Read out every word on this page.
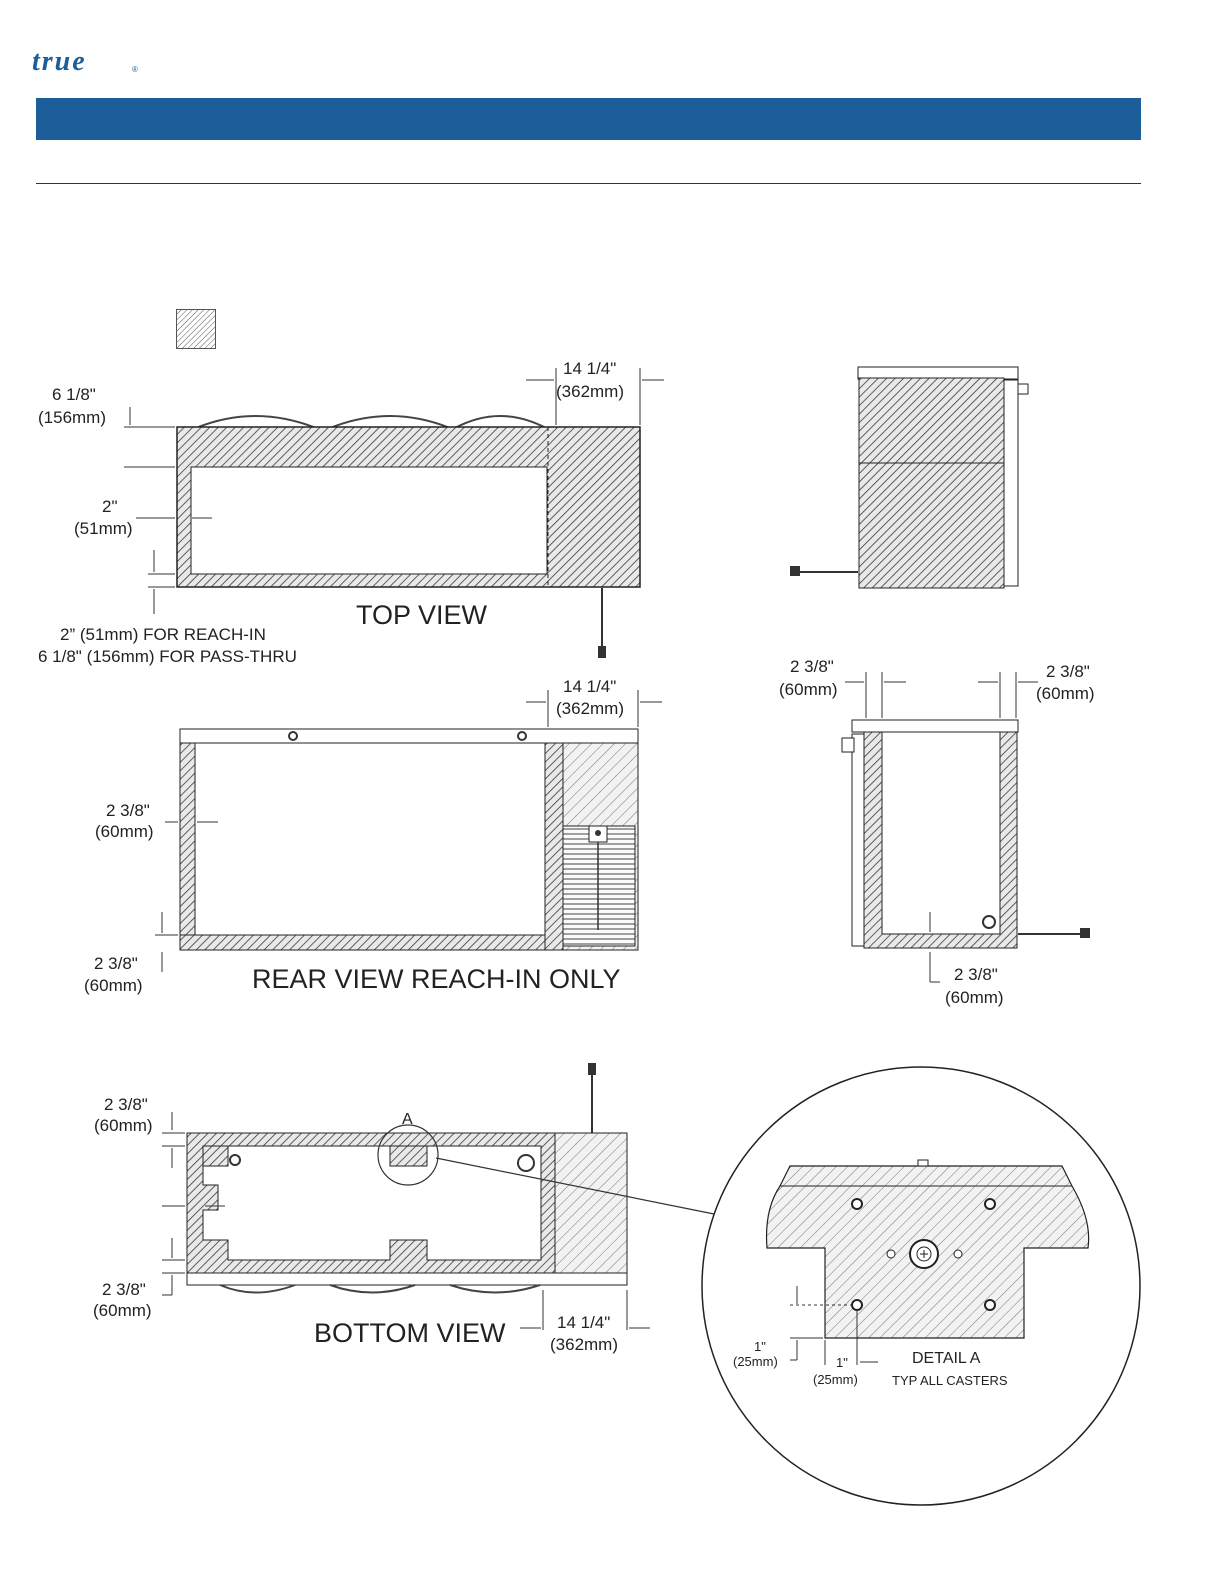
true	®
14 1/4"
(362mm)
6 1/8"
(156mm)
2"
(51mm)
2” (51mm) FOR REACH-IN
6 1/8" (156mm) FOR PASS-THRU
TOP VIEW
14 1/4"
(362mm)
2 3/8"
(60mm)
2 3/8"
(60mm)	REAR VIEW REACH-IN ONLY
2 3/8"
(60mm)
2 3/8"
(60mm)
2 3/8"
(60mm)
A
2 3/8"
(60mm)
2 3/8"
(60mm)
14 1/4"
(362mm)
BOTTOM VIEW	1"
(25mm)	1"
(25mm)
DETAIL A
TYP ALL CASTERS
